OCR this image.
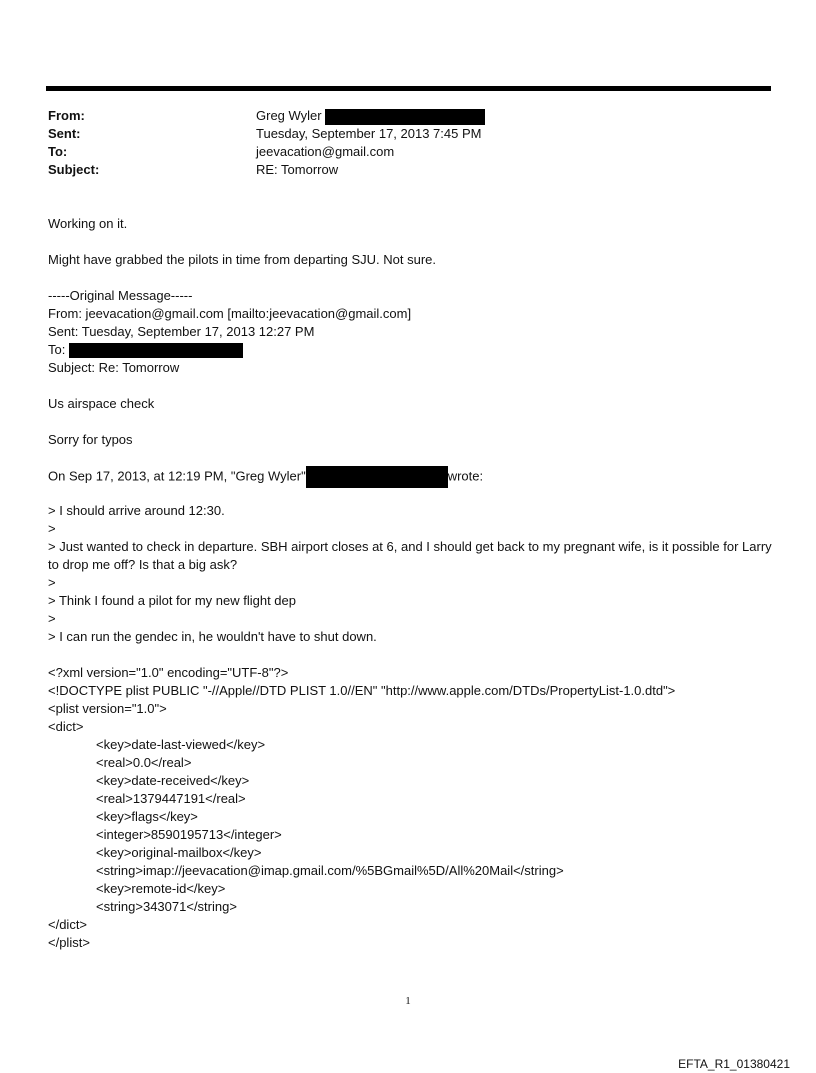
From:	Greg Wyler
Sent:	Tuesday, September 17, 2013 7:45 PM
To:	jeevacation@gmail.com
Subject:	RE: Tomorrow
Working on it.
Might have grabbed the pilots in time from departing SJU. Not sure.
-----Original Message-----
From: jeevacation@gmail.com [mailto:jeevacation@gmail.com]
Sent: Tuesday, September 17, 2013 12:27 PM
To:
Subject: Re: Tomorrow
Us airspace check
Sorry for typos
On Sep 17, 2013, at 12:19 PM, "Greg Wyler"	wrote:
> I should arrive around 12:30.
>
> Just wanted to check in departure. SBH airport closes at 6, and I should get back to my pregnant wife, is it possible for Larry to drop me off? Is that a big ask?
>
> Think I found a pilot for my new flight dep
>
> I can run the gendec in, he wouldn't have to shut down.
<?xml version="1.0" encoding="UTF-8"?>
<!DOCTYPE plist PUBLIC "-//Apple//DTD PLIST 1.0//EN" "http://www.apple.com/DTDs/PropertyList-1.0.dtd">
<plist version="1.0">
<dict>
<key>date-last-viewed</key>
<real>0.0</real>
<key>date-received</key>
<real>1379447191</real>
<key>flags</key>
<integer>8590195713</integer>
<key>original-mailbox</key>
<string>imap://jeevacation@imap.gmail.com/%5BGmail%5D/All%20Mail</string>
<key>remote-id</key>
<string>343071</string>
</dict>
</plist>
1
EFTA_R1_01380421
